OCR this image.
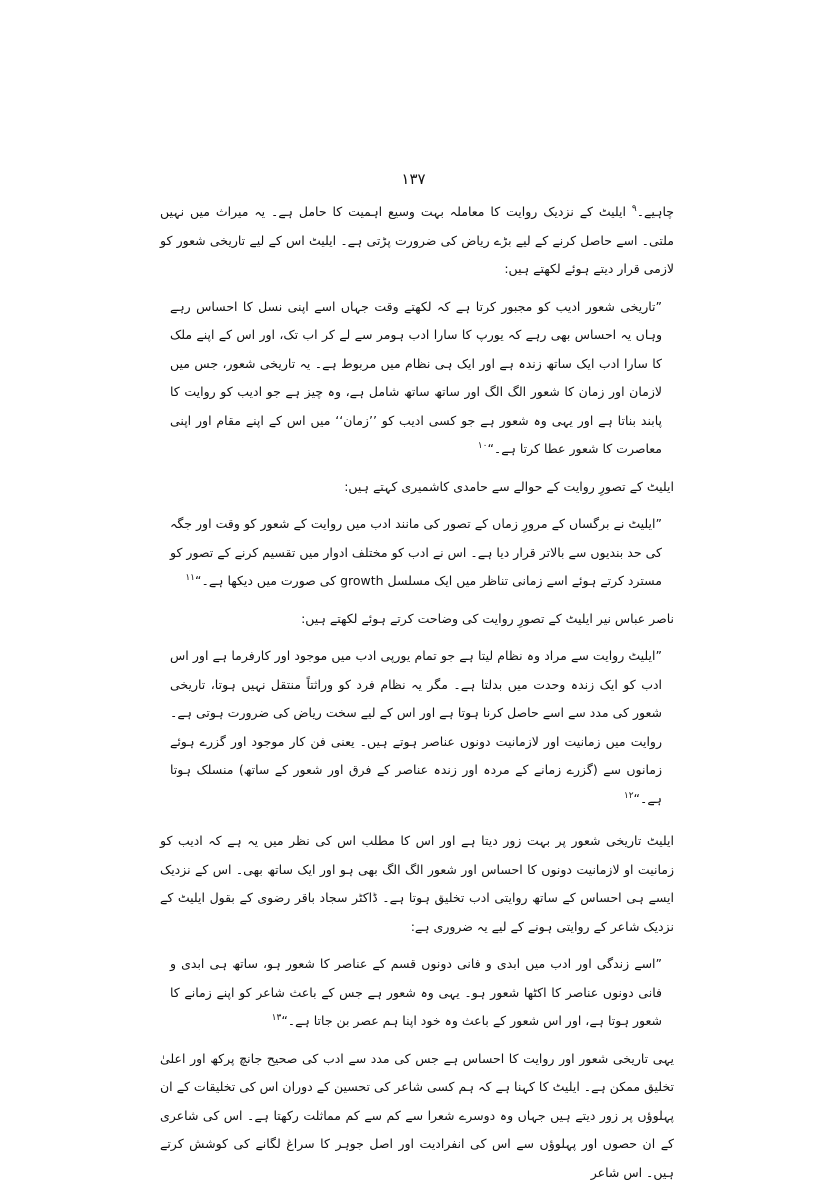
۱۳۷

چاہیے۔$^۹$ ایلیٹ کے نزدیک روایت کا معاملہ بہت وسیع اہمیت کا حامل ہے۔ یہ میراث میں نہیں ملتی۔ اسے حاصل کرنے کے لیے بڑے ریاض کی ضرورت پڑتی ہے۔ ایلیٹ اس کے لیے تاریخی شعور کو لازمی قرار دیتے ہوئے لکھتے ہیں:

”تاریخی شعور ادیب کو مجبور کرتا ہے کہ لکھتے وقت جہاں اسے اپنی نسل کا احساس رہے وہاں یہ احساس بھی رہے کہ یورپ کا سارا ادب ہومر سے لے کر اب تک، اور اس کے اپنے ملک کا سارا ادب ایک ساتھ زندہ ہے اور ایک ہی نظام میں مربوط ہے۔ یہ تاریخی شعور، جس میں لازمان اور زمان کا شعور الگ الگ اور ساتھ ساتھ شامل ہے، وہ چیز ہے جو ادیب کو روایت کا پابند بناتا ہے اور یہی وہ شعور ہے جو کسی ادیب کو ’’زمان‘‘ میں اس کے اپنے مقام اور اپنی معاصرت کا شعور عطا کرتا ہے۔“$^{۱۰}$

ایلیٹ کے تصورِ روایت کے حوالے سے حامدی کاشمیری کہتے ہیں:

”ایلیٹ نے برگساں کے مرورِ زماں کے تصور کی مانند ادب میں روایت کے شعور کو وقت اور جگہ کی حد بندیوں سے بالاتر قرار دیا ہے۔ اس نے ادب کو مختلف ادوار میں تقسیم کرنے کے تصور کو مسترد کرتے ہوئے اسے زمانی تناظر میں ایک مسلسل growth کی صورت میں دیکھا ہے۔“$^{۱۱}$

ناصر عباس نیر ایلیٹ کے تصورِ روایت کی وضاحت کرتے ہوئے لکھتے ہیں:

”ایلیٹ روایت سے مراد وہ نظام لیتا ہے جو تمام یورپی ادب میں موجود اور کارفرما ہے اور اس ادب کو ایک زندہ وحدت میں بدلتا ہے۔ مگر یہ نظام فرد کو وراثتاً منتقل نہیں ہوتا، تاریخی شعور کی مدد سے اسے حاصل کرنا ہوتا ہے اور اس کے لیے سخت ریاض کی ضرورت ہوتی ہے۔ روایت میں زمانیت اور لازمانیت دونوں عناصر ہوتے ہیں۔ یعنی فن کار موجود اور گزرے ہوئے زمانوں سے (گزرے زمانے کے مردہ اور زندہ عناصر کے فرق اور شعور کے ساتھ) منسلک ہوتا ہے۔“$^{۱۲}$

ایلیٹ تاریخی شعور پر بہت زور دیتا ہے اور اس کا مطلب اس کی نظر میں یہ ہے کہ ادیب کو زمانیت او لازمانیت دونوں کا احساس اور شعور الگ الگ بھی ہو اور ایک ساتھ بھی۔ اس کے نزدیک ایسے ہی احساس کے ساتھ روایتی ادب تخلیق ہوتا ہے۔ ڈاکٹر سجاد باقر رضوی کے بقول ایلیٹ کے نزدیک شاعر کے روایتی ہونے کے لیے یہ ضروری ہے:

”اسے زندگی اور ادب میں ابدی و فانی دونوں قسم کے عناصر کا شعور ہو، ساتھ ہی ابدی و فانی دونوں عناصر کا اکٹھا شعور ہو۔ یہی وہ شعور ہے جس کے باعث شاعر کو اپنے زمانے کا شعور ہوتا ہے، اور اس شعور کے باعث وہ خود اپنا ہم عصر بن جاتا ہے۔“$^{۱۳}$

یہی تاریخی شعور اور روایت کا احساس ہے جس کی مدد سے ادب کی صحیح جانچ پرکھ اور اعلیٰ تخلیق ممکن ہے۔ ایلیٹ کا کہنا ہے کہ ہم کسی شاعر کی تحسین کے دوران اس کی تخلیقات کے ان پہلوؤں پر زور دیتے ہیں جہاں وہ دوسرے شعرا سے کم سے کم مماثلت رکھتا ہے۔ اس کی شاعری کے ان حصوں اور پہلوؤں سے اس کی انفرادیت اور اصل جوہر کا سراغ لگانے کی کوشش کرتے ہیں۔ اس شاعر
